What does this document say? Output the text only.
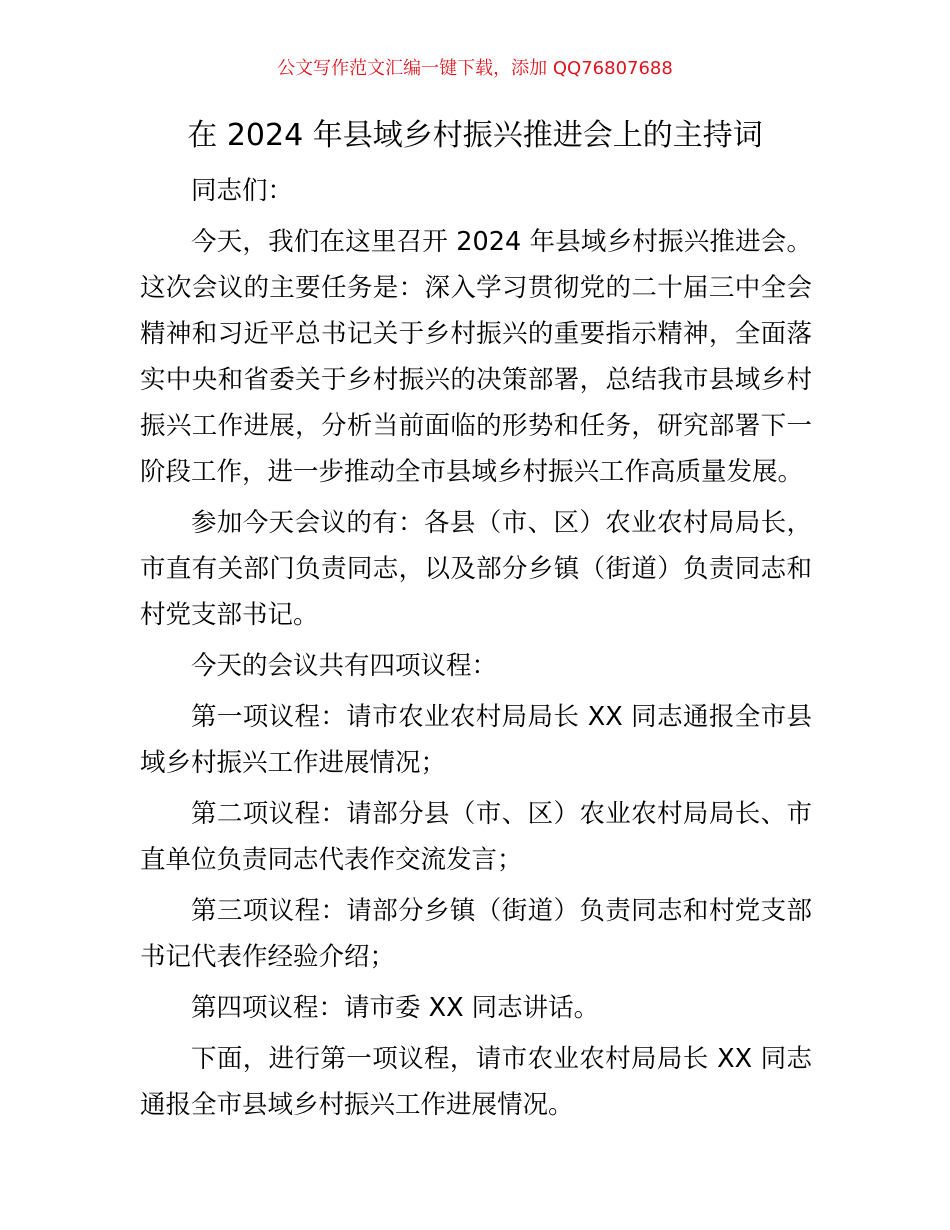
公文写作范文汇编一键下载，添加 QQ76807688
在 2024 年县域乡村振兴推进会上的主持词

同志们：

今天，我们在这里召开 2024 年县域乡村振兴推进会。这次会议的主要任务是：深入学习贯彻党的二十届三中全会精神和习近平总书记关于乡村振兴的重要指示精神，全面落实中央和省委关于乡村振兴的决策部署，总结我市县域乡村振兴工作进展，分析当前面临的形势和任务，研究部署下一阶段工作，进一步推动全市县域乡村振兴工作高质量发展。

参加今天会议的有：各县（市、区）农业农村局局长，市直有关部门负责同志，以及部分乡镇（街道）负责同志和村党支部书记。

今天的会议共有四项议程：

第一项议程：请市农业农村局局长 XX 同志通报全市县域乡村振兴工作进展情况；

第二项议程：请部分县（市、区）农业农村局局长、市直单位负责同志代表作交流发言；

第三项议程：请部分乡镇（街道）负责同志和村党支部书记代表作经验介绍；

第四项议程：请市委 XX 同志讲话。

下面，进行第一项议程，请市农业农村局局长 XX 同志通报全市县域乡村振兴工作进展情况。
